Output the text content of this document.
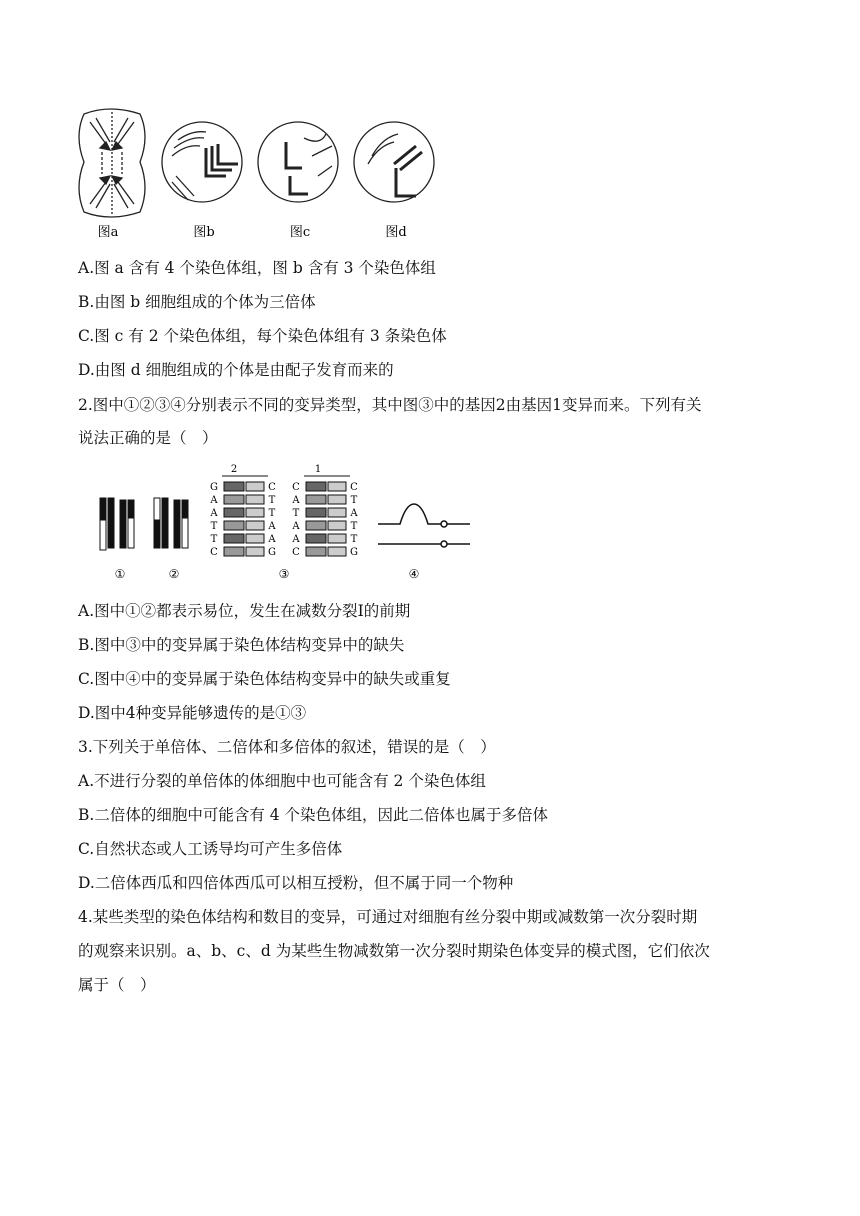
图a	图b	图c	图d
A.图 a 含有 4 个染色体组，图 b 含有 3 个染色体组
B.由图 b 细胞组成的个体为三倍体
C.图 c 有 2 个染色体组，每个染色体组有 3 条染色体
D.由图 d 细胞组成的个体是由配子发育而来的
2.图中①②③④分别表示不同的变异类型，其中图③中的基因2由基因1变异而来。下列有关
说法正确的是（　）
2	1
G	C
A	T
A	T
T	A
T	A
C	G
C	C
A	T
T	A
A	T
A	T
C	G
①	②	③	④
A.图中①②都表示易位，发生在减数分裂I的前期
B.图中③中的变异属于染色体结构变异中的缺失
C.图中④中的变异属于染色体结构变异中的缺失或重复
D.图中4种变异能够遗传的是①③
3.下列关于单倍体、二倍体和多倍体的叙述，错误的是（　）
A.不进行分裂的单倍体的体细胞中也可能含有 2 个染色体组
B.二倍体的细胞中可能含有 4 个染色体组，因此二倍体也属于多倍体
C.自然状态或人工诱导均可产生多倍体
D.二倍体西瓜和四倍体西瓜可以相互授粉，但不属于同一个物种
4.某些类型的染色体结构和数目的变异，可通过对细胞有丝分裂中期或减数第一次分裂时期
的观察来识别。a、b、c、d 为某些生物减数第一次分裂时期染色体变异的模式图，它们依次
属于（　）
